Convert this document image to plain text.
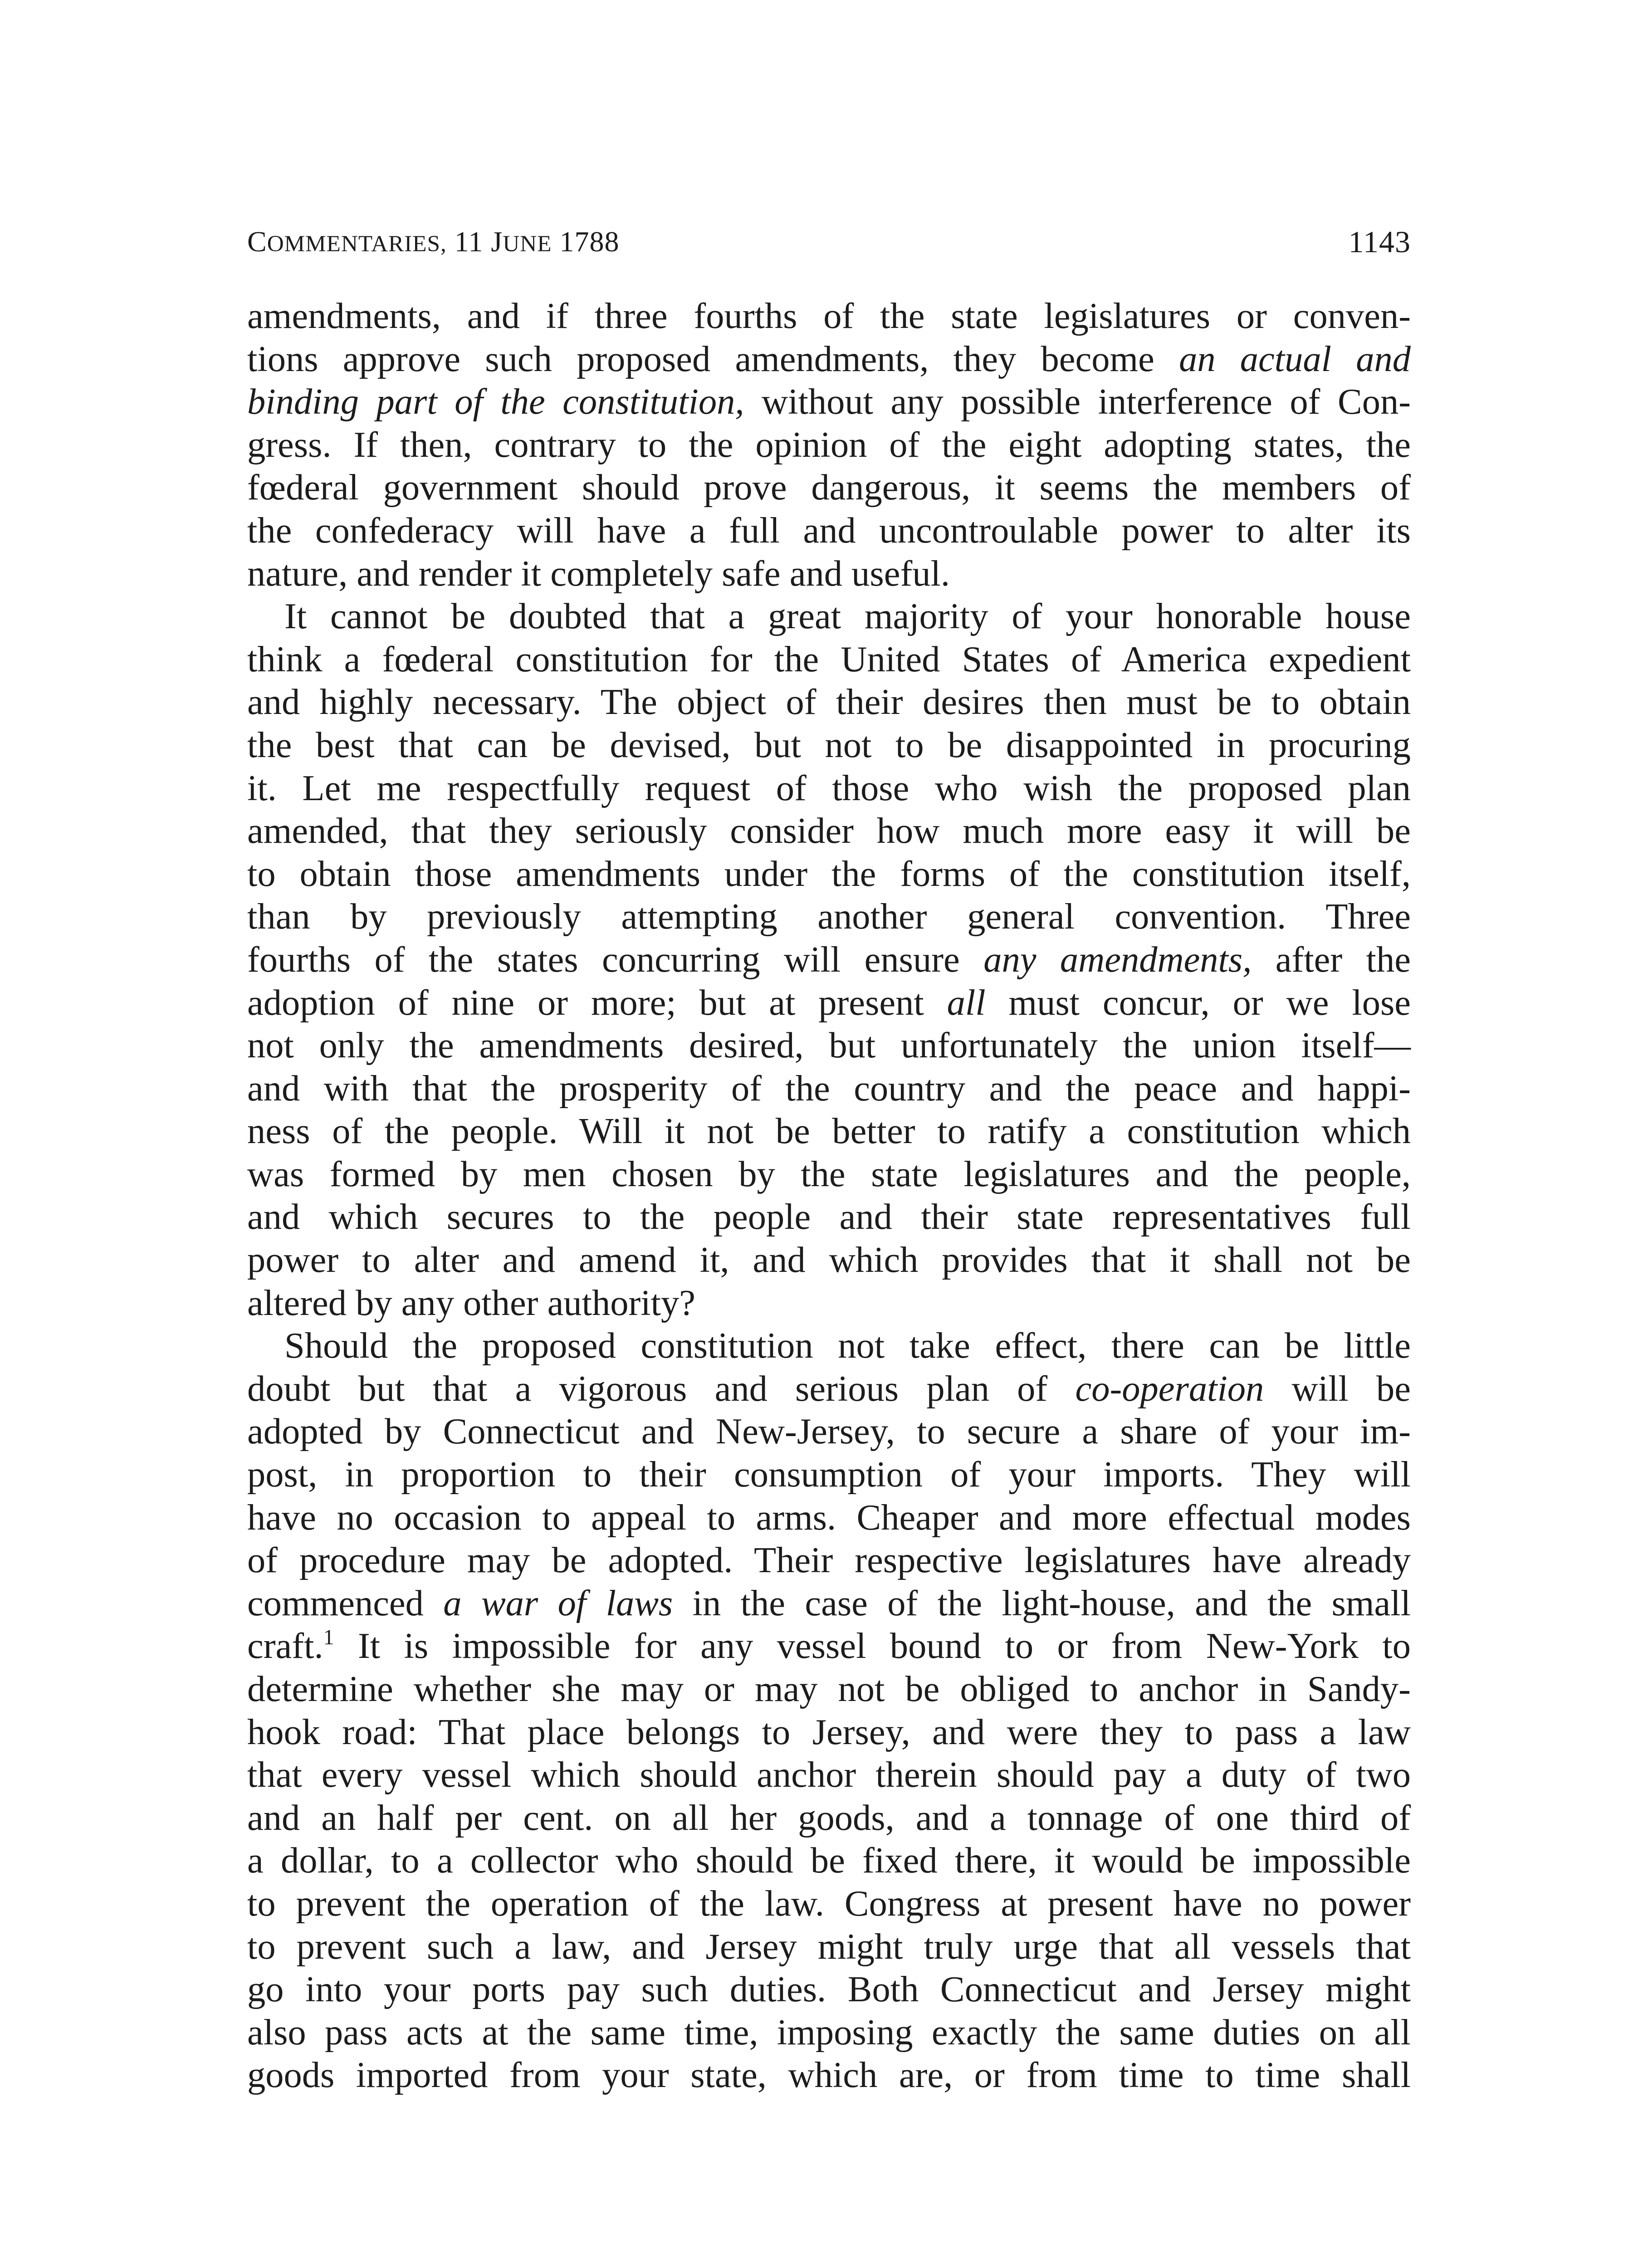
COMMENTARIES, 11 JUNE 1788	1143
amendments, and if three fourths of the state legislatures or conven-
tions approve such proposed amendments, they become an actual and
binding part of the constitution, without any possible interference of Con-
gress. If then, contrary to the opinion of the eight adopting states, the
fœderal government should prove dangerous, it seems the members of
the confederacy will have a full and uncontroulable power to alter its
nature, and render it completely safe and useful.
It cannot be doubted that a great majority of your honorable house
think a fœderal constitution for the United States of America expedient
and highly necessary. The object of their desires then must be to obtain
the best that can be devised, but not to be disappointed in procuring
it. Let me respectfully request of those who wish the proposed plan
amended, that they seriously consider how much more easy it will be
to obtain those amendments under the forms of the constitution itself,
than by previously attempting another general convention. Three
fourths of the states concurring will ensure any amendments, after the
adoption of nine or more; but at present all must concur, or we lose
not only the amendments desired, but unfortunately the union itself—
and with that the prosperity of the country and the peace and happi-
ness of the people. Will it not be better to ratify a constitution which
was formed by men chosen by the state legislatures and the people,
and which secures to the people and their state representatives full
power to alter and amend it, and which provides that it shall not be
altered by any other authority?
Should the proposed constitution not take effect, there can be little
doubt but that a vigorous and serious plan of co-operation will be
adopted by Connecticut and New-Jersey, to secure a share of your im-
post, in proportion to their consumption of your imports. They will
have no occasion to appeal to arms. Cheaper and more effectual modes
of procedure may be adopted. Their respective legislatures have already
commenced a war of laws in the case of the light-house, and the small
craft.$^1$ It is impossible for any vessel bound to or from New-York to
determine whether she may or may not be obliged to anchor in Sandy-
hook road: That place belongs to Jersey, and were they to pass a law
that every vessel which should anchor therein should pay a duty of two
and an half per cent. on all her goods, and a tonnage of one third of
a dollar, to a collector who should be fixed there, it would be impossible
to prevent the operation of the law. Congress at present have no power
to prevent such a law, and Jersey might truly urge that all vessels that
go into your ports pay such duties. Both Connecticut and Jersey might
also pass acts at the same time, imposing exactly the same duties on all
goods imported from your state, which are, or from time to time shall
